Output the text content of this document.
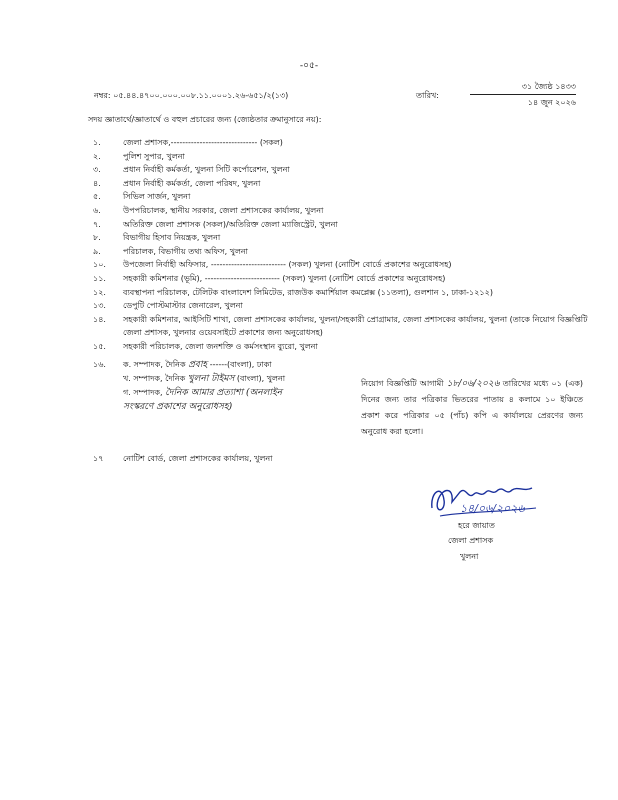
-০৫-
নম্বর: ০৫.৪৪.৪৭০০.০০০.০০৮.১১.০০০১.২৬-৬৫১/২(১৩)	তারিখ:
৩১ জ্যৈষ্ঠ ১৪৩৩
১৪ জুন ২০২৬
সদয় জ্ঞাতার্থে/জ্ঞাতার্থে ও বহুল প্রচারের জন্য (জ্যেষ্ঠতার ক্রমানুসারে নয়):
১.	জেলা প্রশাসক,------------------------------ (সকল)
২.	পুলিশ সুপার, খুলনা
৩.	প্রধান নির্বাহী কর্মকর্তা, খুলনা সিটি কর্পোরেশন, খুলনা
৪.	প্রধান নির্বাহী কর্মকর্তা, জেলা পরিষদ, খুলনা
৫.	সিভিল সার্জন, খুলনা
৬.	উপপরিচালক, স্থানীয় সরকার, জেলা প্রশাসকের কার্যালয়, খুলনা
৭.	অতিরিক্ত জেলা প্রশাসক (সকল)/অতিরিক্ত জেলা ম্যাজিস্ট্রেট, খুলনা
৮.	বিভাগীয় হিসাব নিয়ন্ত্রক, খুলনা
৯.	পরিচালক, বিভাগীয় তথ্য অফিস, খুলনা
১০.	উপজেলা নির্বাহী অফিসার, -------------------------- (সকল) খুলনা (নোটিশ বোর্ডে প্রকাশের অনুরোধসহ)
১১.	সহকারী কমিশনার (ভূমি), -------------------------- (সকল) খুলনা (নোটিশ বোর্ডে প্রকাশের অনুরোধসহ)
১২.	ব্যবস্থাপনা পরিচালক, টেলিটক বাংলাদেশ লিমিটেড, রাজউক কমার্শিয়াল কমপ্লেক্স (১১তলা), গুলশান ১, ঢাকা-১২১২)
১৩.	ডেপুটি পোস্টমাস্টার জেনারেল, খুলনা
১৪.	সহকারী কমিশনার, আইসিটি শাখা, জেলা প্রশাসকের কার্যালয়, খুলনা/সহকারী প্রোগ্রামার, জেলা প্রশাসকের কার্যালয়, খুলনা (তাকে নিয়োগ বিজ্ঞপ্তিটি জেলা প্রশাসক, খুলনার ওয়েবসাইটে প্রকাশের জন্য অনুরোধসহ)
১৫.	সহকারী পরিচালক, জেলা জনশক্তি ও কর্মসংস্থান ব্যুরো, খুলনা
১৬.	ক. সম্পাদক, দৈনিক প্রবাহ ------(বাংলা), ঢাকা
খ. সম্পাদক, দৈনিক খুলনা টাইমস (বাংলা), খুলনা
গ. সম্পাদক, দৈনিক আমার প্রত্যাশা (অনলাইন
সংস্করণে প্রকাশের অনুরোধসহ)
নিয়োগ বিজ্ঞপ্তিটি আগামী ১৮/০৬/২০২৬ তারিখের মধ্যে ০১ (এক) দিনের জন্য তার পত্রিকার ভিতরের পাতায় ৪ কলামে ১০ ইঞ্চিতে প্রকাশ করে পত্রিকার ০৫ (পাঁচ) কপি এ কার্যালয়ে প্রেরণের জন্য অনুরোধ করা হলো।
১৭ নোটিশ বোর্ড, জেলা প্রশাসকের কার্যালয়, খুলনা
১৪/০৬/২০২৬
হরে জায়াত
জেলা প্রশাসক
খুলনা
